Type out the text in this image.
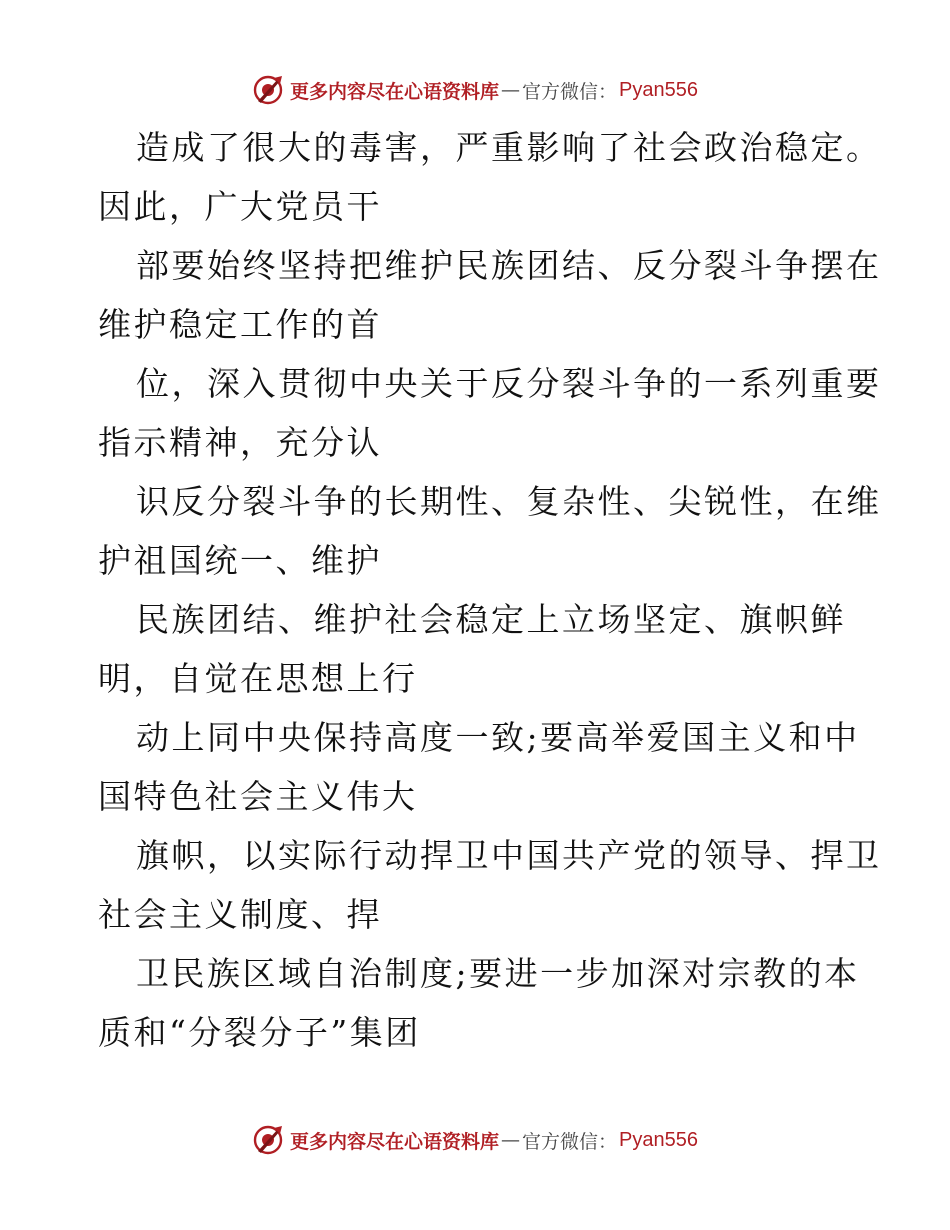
更多内容尽在心语资料库 — 官方微信： Pyan556
造成了很大的毒害，严重影响了社会政治稳定。
因此，广大党员干
部要始终坚持把维护民族团结、反分裂斗争摆在
维护稳定工作的首
位，深入贯彻中央关于反分裂斗争的一系列重要
指示精神，充分认
识反分裂斗争的长期性、复杂性、尖锐性，在维
护祖国统一、维护
民族团结、维护社会稳定上立场坚定、旗帜鲜
明，自觉在思想上行
动上同中央保持高度一致;要高举爱国主义和中
国特色社会主义伟大
旗帜，以实际行动捍卫中国共产党的领导、捍卫
社会主义制度、捍
卫民族区域自治制度;要进一步加深对宗教的本
质和“分裂分子”集团
更多内容尽在心语资料库 — 官方微信： Pyan556
